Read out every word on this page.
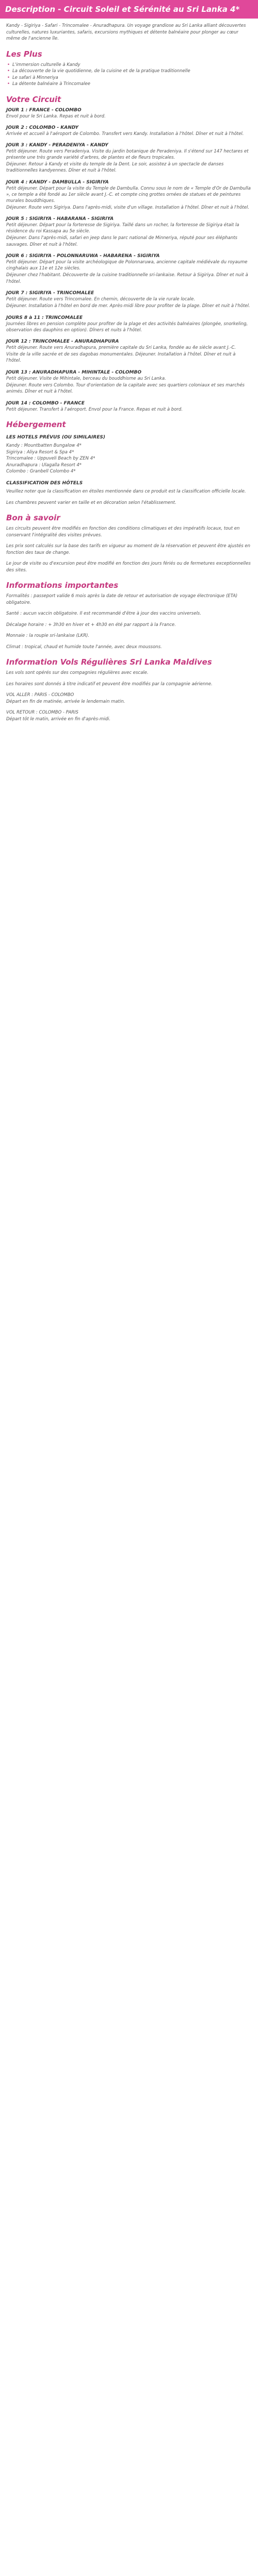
Description - Circuit Soleil et Sérénité au Sri Lanka 4*
Kandy - Sigiriya - Safari - Trincomalee - Anuradhapura. Un voyage grandiose au Sri Lanka alliant découvertes culturelles, natures luxuriantes, safaris, excursions mythiques et détente balnéaire pour plonger au cœur même de l'ancienne île.
Les Plus
• L'immersion culturelle à Kandy
• La découverte de la vie quotidienne, de la cuisine et de la pratique traditionnelle
• Le safari à Minneriya
• La détente balnéaire à Trincomalee
Votre Circuit
JOUR 1 : FRANCE - COLOMBO
Envol pour le Sri Lanka. Repas et nuit à bord.
JOUR 2 : COLOMBO - KANDY
Arrivée et accueil à l'aéroport de Colombo. Transfert vers Kandy. Installation à l'hôtel. Dîner et nuit à l'hôtel.
JOUR 3 : KANDY - PERADENIYA - KANDY
Petit déjeuner. Route vers Peradeniya. Visite du jardin botanique de Peradeniya. Il s'étend sur 147 hectares et présente une très grande variété d'arbres, de plantes et de fleurs tropicales.
Déjeuner. Retour à Kandy et visite du temple de la Dent. Le soir, assistez à un spectacle de danses traditionnelles kandyennes. Dîner et nuit à l'hôtel.
JOUR 4 : KANDY - DAMBULLA - SIGIRIYA
Petit déjeuner. Départ pour la visite du Temple de Dambulla. Connu sous le nom de « Temple d'Or de Dambulla », ce temple a été fondé au 1er siècle avant J.-C. et compte cinq grottes ornées de statues et de peintures murales bouddhiques.
Déjeuner. Route vers Sigiriya. Dans l'après-midi, visite d'un village. Installation à l'hôtel. Dîner et nuit à l'hôtel.
JOUR 5 : SIGIRIYA - HABARANA - SIGIRIYA
Petit déjeuner. Départ pour la forteresse de Sigiriya. Taillé dans un rocher, la forteresse de Sigiriya était la résidence du roi Kassapa au 5e siècle.
Déjeuner. Dans l'après-midi, safari en jeep dans le parc national de Minneriya, réputé pour ses éléphants sauvages. Dîner et nuit à l'hôtel.
JOUR 6 : SIGIRIYA - POLONNARUWA - HABARENA - SIGIRIYA
Petit déjeuner. Départ pour la visite archéologique de Polonnaruwa, ancienne capitale médiévale du royaume cinghalais aux 11e et 12e siècles.
Déjeuner chez l'habitant. Découverte de la cuisine traditionnelle sri-lankaise. Retour à Sigiriya. Dîner et nuit à l'hôtel.
JOUR 7 : SIGIRIYA - TRINCOMALEE
Petit déjeuner. Route vers Trincomalee. En chemin, découverte de la vie rurale locale.
Déjeuner. Installation à l'hôtel en bord de mer. Après-midi libre pour profiter de la plage. Dîner et nuit à l'hôtel.
JOURS 8 à 11 : TRINCOMALEE
Journées libres en pension complète pour profiter de la plage et des activités balnéaires (plongée, snorkeling, observation des dauphins en option). Dîners et nuits à l'hôtel.
JOUR 12 : TRINCOMALEE - ANURADHAPURA
Petit déjeuner. Route vers Anuradhapura, première capitale du Sri Lanka, fondée au 4e siècle avant J.-C.
Visite de la ville sacrée et de ses dagobas monumentales. Déjeuner. Installation à l'hôtel. Dîner et nuit à l'hôtel.
JOUR 13 : ANURADHAPURA - MIHINTALE - COLOMBO
Petit déjeuner. Visite de Mihintale, berceau du bouddhisme au Sri Lanka.
Déjeuner. Route vers Colombo. Tour d'orientation de la capitale avec ses quartiers coloniaux et ses marchés animés. Dîner et nuit à l'hôtel.
JOUR 14 : COLOMBO - FRANCE
Petit déjeuner. Transfert à l'aéroport. Envol pour la France. Repas et nuit à bord.
Hébergement
LES HOTELS PRÉVUS (OU SIMILAIRES)
Kandy : Mountbatten Bungalow 4*
Sigiriya : Aliya Resort & Spa 4*
Trincomalee : Uppuveli Beach by ZEN 4*
Anuradhapura : Ulagalla Resort 4*
Colombo : Granbell Colombo 4*
CLASSIFICATION DES HÔTELS

Veuillez noter que la classification en étoiles mentionnée dans ce produit est la classification officielle locale.

Les chambres peuvent varier en taille et en décoration selon l'établissement.

Bon à savoir

Les circuits peuvent être modifiés en fonction des conditions climatiques et des impératifs locaux, tout en conservant l'intégralité des visites prévues.

Les prix sont calculés sur la base des tarifs en vigueur au moment de la réservation et peuvent être ajustés en fonction des taux de change.

Le jour de visite ou d'excursion peut être modifié en fonction des jours fériés ou de fermetures exceptionnelles des sites.

Informations importantes

Formalités : passeport valide 6 mois après la date de retour et autorisation de voyage électronique (ETA) obligatoire.

Santé : aucun vaccin obligatoire. Il est recommandé d'être à jour des vaccins universels.

Décalage horaire : + 3h30 en hiver et + 4h30 en été par rapport à la France.

Monnaie : la roupie sri-lankaise (LKR).

Climat : tropical, chaud et humide toute l'année, avec deux moussons.

Information Vols Régulières Sri Lanka Maldives

Les vols sont opérés sur des compagnies régulières avec escale.

Les horaires sont donnés à titre indicatif et peuvent être modifiés par la compagnie aérienne.

VOL ALLER : PARIS - COLOMBO
Départ en fin de matinée, arrivée le lendemain matin.
VOL RETOUR : COLOMBO - PARIS
Départ tôt le matin, arrivée en fin d'après-midi.
